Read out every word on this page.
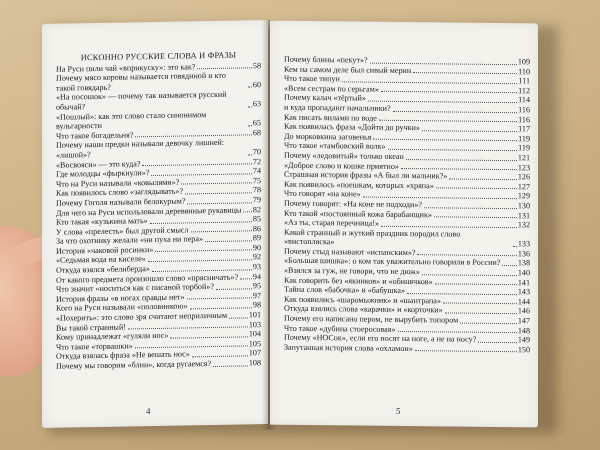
ИСКОННО РУССКИЕ СЛОВА И ФРАЗЫ
На Руси пили чай «вприкуску»: это как?	58
Почему мясо коровы называется говядиной и кто такой говядарь?	60
«На посошок» — почему так называется русский обычай?	63
«Пошлый»: как это слово стало синонимом вульгарности	65
Что такое богадельня?	68
Почему наши предки называли девочку лишней: «лишой»?	70
«Восвояси» — это куда?	72
Где молодцы «фыркнули»?	74
Что на Руси называли «ковылями»?	75
Как появилось слово «заглядывать»?	78
Почему Гоголя называли белокурым?	79
Для чего на Руси использовали деревянные рукавицы 82
Кто такая «кузькина мать»	85
У слова «прелесть» был другой смысл	86
За что охотнику желали «ни пуха ни пера»	89
История «чаковой росинки»	90
«Седьмая вода на киселе»	92
Откуда взялся «белиберда»	93
От какого предмета произошло слово «прясничать»? 94
Что значит «носиться как с писаной торбой»?	95
История фразы «в ногах правды нет»	97
Кого на Руси называли «половинкою»	98
«Похерить»: это слово зря считают неприличным	101
Вы такой странный!	103
Кому принадлежат «гуляли нос»	104
Что такое «торвашки»	105
Откуда взялась фраза «Не вешать нос»	107
Почему мы говорим «блин», когда ругаемся?	108
4
Почему блины «пекут»?	109
Кем на самом деле был сивый мерин	110
Что такое типун	111
«Всем сестрам по серьгам»	112
Почему калач «тёртый»	114
и куда пропадают начальники?	116
Как писать вилами по воде	116
Как появилась фраза «Дойти до ручки»	117
До морковкина заговенья	119
Что такое «тамбовский волк»	119
Почему «ледовитый» только океан	121
«Доброе слово и кошке приятно»	123
Страшная история фразы «А был ли мальчик?»	126
Как появилось «поешкам, которых «хряпа»	127
Что говорят «на коне»	129
Почему говорят: «На коне не подходи»?	130
Кто такой «постоянный кожа барабанщик»	131
«Аз ты, старая перечница!»	132
Какой странный и жуткий праздник породил слово «вистопляска»	133
Почему стыд называют «испанским»?	136
«Большая шишка»: о ком так уважительно говорили в России? 138
«Взялся за гуж, не говори, что не дюж»	140
Как говорить без «якинков» и «обинячков»	141
Тайна слов «бабочка» и «бабушка»	143
Как появились «шаромыжник» и «шантрапа»	144
Откуда взялись слова «карачки» и «корточки»	146
Почему его написано пером, не вырубить топором	147
Что такое «дубина стоеросовая»	148
Почему «НОСок», если его носят на ноге, а не на носу?	149
Запутанная история слова «охламон»	150
5
